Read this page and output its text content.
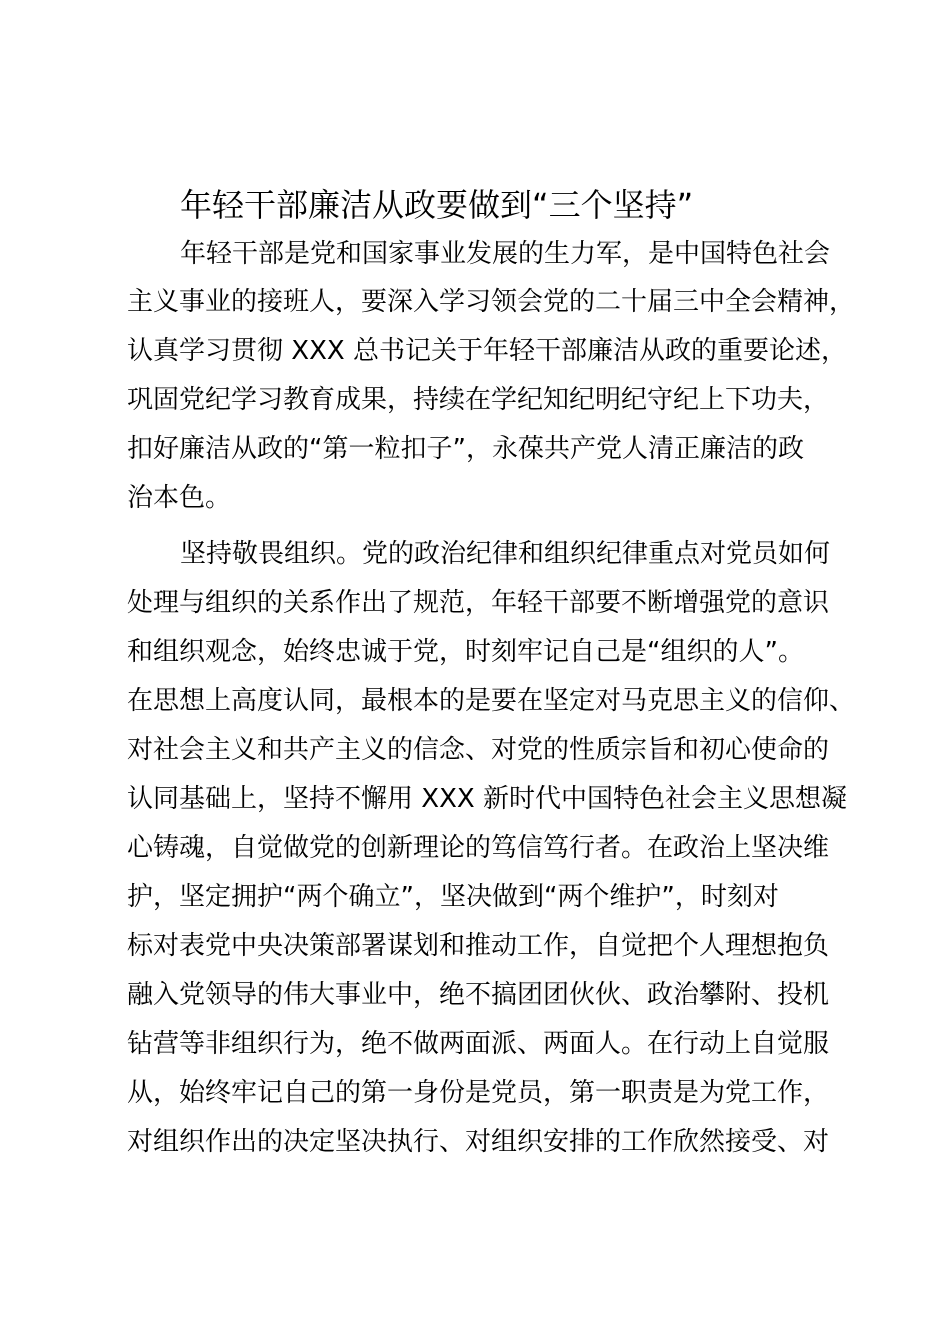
年轻干部廉洁从政要做到“三个坚持”
年轻干部是党和国家事业发展的生力军，是中国特色社会
主义事业的接班人，要深入学习领会党的二十届三中全会精神，
认真学习贯彻 XXX 总书记关于年轻干部廉洁从政的重要论述，
巩固党纪学习教育成果，持续在学纪知纪明纪守纪上下功夫，
扣好廉洁从政的“第一粒扣子”，永葆共产党人清正廉洁的政
治本色。
坚持敬畏组织。党的政治纪律和组织纪律重点对党员如何
处理与组织的关系作出了规范，年轻干部要不断增强党的意识
和组织观念，始终忠诚于党，时刻牢记自己是“组织的人”。
在思想上高度认同，最根本的是要在坚定对马克思主义的信仰、
对社会主义和共产主义的信念、对党的性质宗旨和初心使命的
认同基础上，坚持不懈用 XXX 新时代中国特色社会主义思想凝
心铸魂，自觉做党的创新理论的笃信笃行者。在政治上坚决维
护，坚定拥护“两个确立”，坚决做到“两个维护”，时刻对
标对表党中央决策部署谋划和推动工作，自觉把个人理想抱负
融入党领导的伟大事业中，绝不搞团团伙伙、政治攀附、投机
钻营等非组织行为，绝不做两面派、两面人。在行动上自觉服
从，始终牢记自己的第一身份是党员，第一职责是为党工作，
对组织作出的决定坚决执行、对组织安排的工作欣然接受、对
